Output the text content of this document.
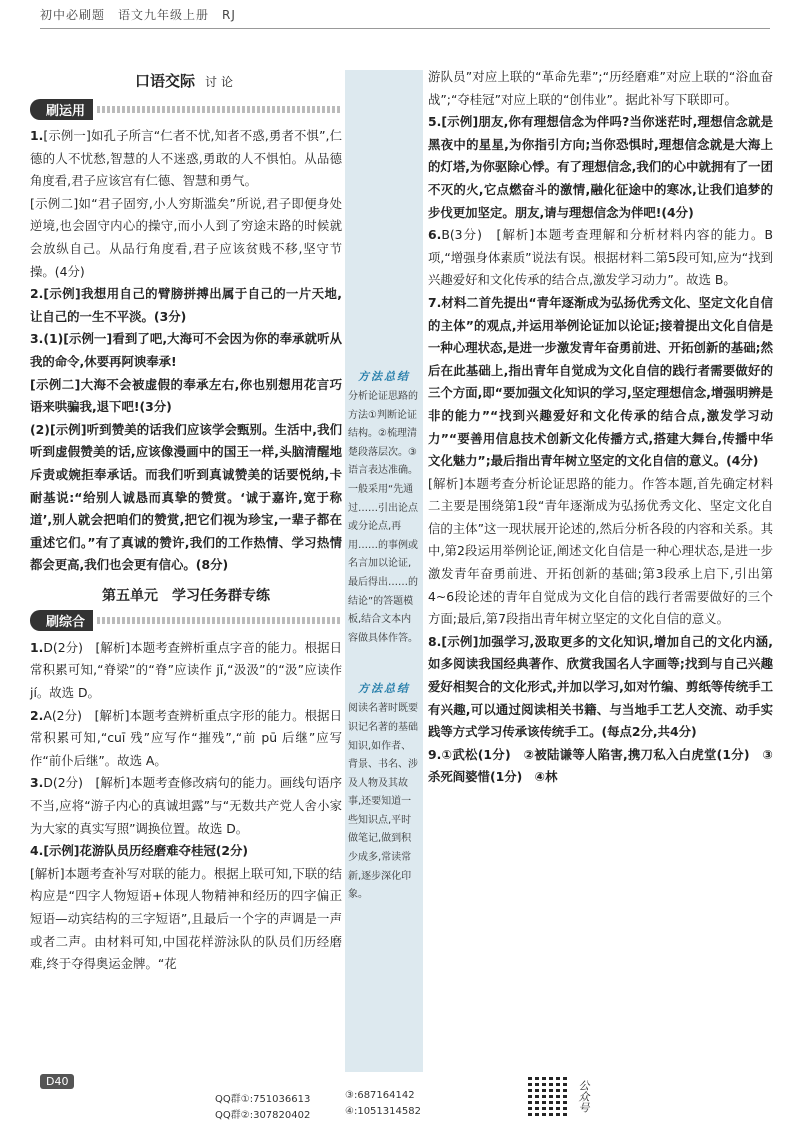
初中必刷题　语文九年级上册　RJ
口语交际 讨论
刷运用

1.[示例一]如孔子所言“仁者不忧,知者不惑,勇者不惧”,仁德的人不忧愁,智慧的人不迷惑,勇敢的人不惧怕。从品德角度看,君子应该宫有仁德、智慧和勇气。

[示例二]如“君子固穷,小人穷斯滥矣”所说,君子即便身处逆境,也会固守内心的操守,而小人到了穷途末路的时候就会放纵自己。从品行角度看,君子应该贫贱不移,坚守节操。(4分)

2.[示例]我想用自己的臂膀拼搏出属于自己的一片天地,让自己的一生不平淡。(3分)

3.(1)[示例一]看到了吧,大海可不会因为你的奉承就听从我的命令,休要再阿谀奉承!

[示例二]大海不会被虚假的奉承左右,你也别想用花言巧语来哄骗我,退下吧!(3分)

(2)[示例]听到赞美的话我们应该学会甄别。生活中,我们听到虚假赞美的话,应该像漫画中的国王一样,头脑清醒地斥责或婉拒奉承话。而我们听到真诚赞美的话要悦纳,卡耐基说:“给别人诚恳而真挚的赞赏。‘诚于嘉许,宽于称道’,别人就会把咱们的赞赏,把它们视为珍宝,一辈子都在重述它们。”有了真诚的赞许,我们的工作热情、学习热情都会更高,我们也会更有信心。(8分)

第五单元　学习任务群专练
刷综合

1.D(2分)　[解析]本题考查辨析重点字音的能力。根据日常积累可知,“脊梁”的“脊”应读作 jǐ,“汲汲”的“汲”应读作 jí。故选 D。

2.A(2分)　[解析]本题考查辨析重点字形的能力。根据日常积累可知,“cuī 残”应写作“摧残”,“前 pū 后继”应写作“前仆后继”。故选 A。

3.D(2分)　[解析]本题考查修改病句的能力。画线句语序不当,应将“游子内心的真诚坦露”与“无数共产党人舍小家为大家的真实写照”调换位置。故选 D。

4.[示例]花游队员历经磨难夺桂冠(2分)

[解析]本题考查补写对联的能力。根据上联可知,下联的结构应是“四字人物短语+体现人物精神和经历的四字偏正短语—动宾结构的三字短语”,且最后一个字的声调是一声或者二声。由材料可知,中国花样游泳队的队员们历经磨难,终于夺得奥运金牌。“花

方法总结
分析论证思路的方法①判断论证结构。②梳理清楚段落层次。③语言表达准确。一般采用“先通过……引出论点或分论点,再用……的事例或名言加以论证,最后得出……的结论”的答题模板,结合文本内容做具体作答。
方法总结
阅读名著时既要识记名著的基础知识,如作者、背景、书名、涉及人物及其故事,还要知道一些知识点,平时做笔记,做到积少成多,常读常新,逐步深化印象。

游队员”对应上联的“革命先辈”;“历经磨难”对应上联的“浴血奋战”;“夺桂冠”对应上联的“创伟业”。据此补写下联即可。

5.[示例]朋友,你有理想信念为伴吗?当你迷茫时,理想信念就是黑夜中的星星,为你指引方向;当你恐惧时,理想信念就是大海上的灯塔,为你驱除心悸。有了理想信念,我们的心中就拥有了一团不灭的火,它点燃奋斗的激情,融化征途中的寒冰,让我们追梦的步伐更加坚定。朋友,请与理想信念为伴吧!(4分)

6.B(3分)　[解析]本题考查理解和分析材料内容的能力。B项,“增强身体素质”说法有误。根据材料二第5段可知,应为“找到兴趣爱好和文化传承的结合点,激发学习动力”。故选 B。

7.材料二首先提出“青年逐渐成为弘扬优秀文化、坚定文化自信的主体”的观点,并运用举例论证加以论证;接着提出文化自信是一种心理状态,是进一步激发青年奋勇前进、开拓创新的基础;然后在此基础上,指出青年自觉成为文化自信的践行者需要做好的三个方面,即“要加强文化知识的学习,坚定理想信念,增强明辨是非的能力”“找到兴趣爱好和文化传承的结合点,激发学习动力”“要善用信息技术创新文化传播方式,搭建大舞台,传播中华文化魅力”;最后指出青年树立坚定的文化自信的意义。(4分)

[解析]本题考查分析论证思路的能力。作答本题,首先确定材料二主要是围绕第1段“青年逐渐成为弘扬优秀文化、坚定文化自信的主体”这一现状展开论述的,然后分析各段的内容和关系。其中,第2段运用举例论证,阐述文化自信是一种心理状态,是进一步激发青年奋勇前进、开拓创新的基础;第3段承上启下,引出第4~6段论述的青年自觉成为文化自信的践行者需要做好的三个方面;最后,第7段指出青年树立坚定的文化自信的意义。

8.[示例]加强学习,汲取更多的文化知识,增加自己的文化内涵,如多阅读我国经典著作、欣赏我国名人字画等;找到与自己兴趣爱好相契合的文化形式,并加以学习,如对竹编、剪纸等传统手工有兴趣,可以通过阅读相关书籍、与当地手工艺人交流、动手实践等方式学习传承该传统手工。(每点2分,共4分)

9.①武松(1分)　②被陆谦等人陷害,携刀私入白虎堂(1分)　③杀死阎婆惜(1分)　④林

D40
QQ群①:751036613
QQ群②:307820402
③:687164142
④:1051314582	公众号
